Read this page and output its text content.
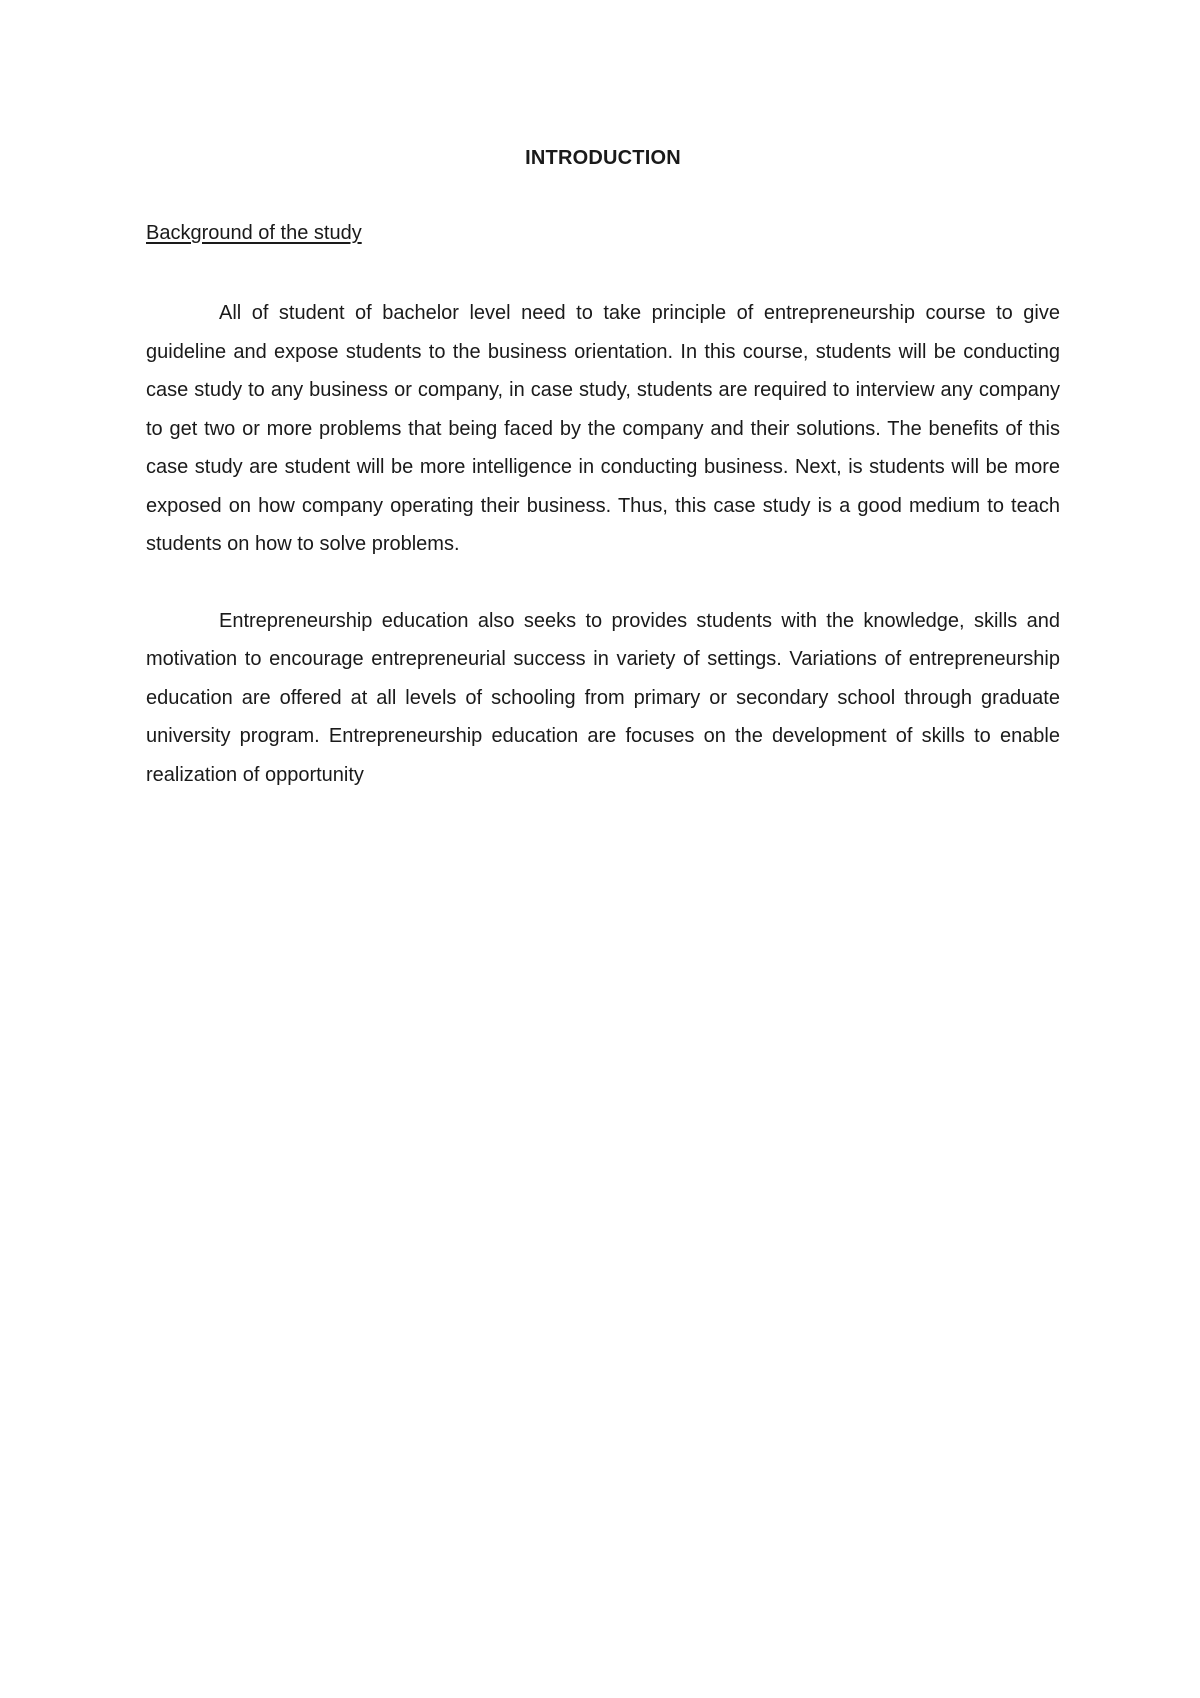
INTRODUCTION
Background of the study

All of student of bachelor level need to take principle of entrepreneurship course to give guideline and expose students to the business orientation. In this course, students will be conducting case study to any business or company, in case study, students are required to interview any company to get two or more problems that being faced by the company and their solutions. The benefits of this case study are student will be more intelligence in conducting business. Next, is students will be more exposed on how company operating their business. Thus, this case study is a good medium to teach students on how to solve problems.

Entrepreneurship education also seeks to provides students with the knowledge, skills and motivation to encourage entrepreneurial success in variety of settings. Variations of entrepreneurship education are offered at all levels of schooling from primary or secondary school through graduate university program. Entrepreneurship education are focuses on the development of skills to enable realization of opportunity
